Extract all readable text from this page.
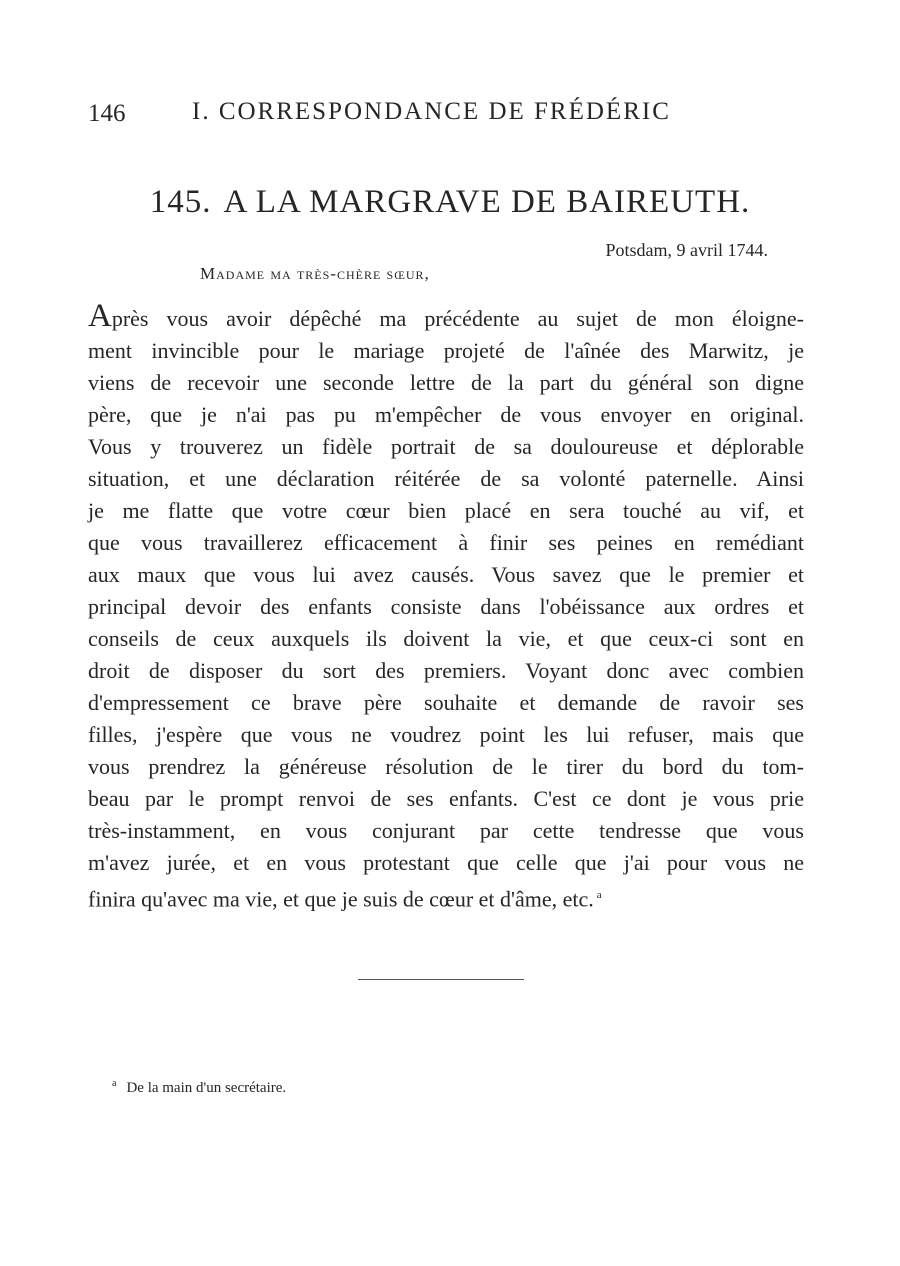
146	I. CORRESPONDANCE DE FRÉDÉRIC
145. A LA MARGRAVE DE BAIREUTH.
Potsdam, 9 avril 1744.
Madame ma très-chère sœur,
Après vous avoir dépêché ma précédente au sujet de mon éloigne-
ment invincible pour le mariage projeté de l'aînée des Marwitz, je
viens de recevoir une seconde lettre de la part du général son digne
père, que je n'ai pas pu m'empêcher de vous envoyer en original.
Vous y trouverez un fidèle portrait de sa douloureuse et déplorable
situation, et une déclaration réitérée de sa volonté paternelle. Ainsi
je me flatte que votre cœur bien placé en sera touché au vif, et
que vous travaillerez efficacement à finir ses peines en remédiant
aux maux que vous lui avez causés. Vous savez que le premier et
principal devoir des enfants consiste dans l'obéissance aux ordres et
conseils de ceux auxquels ils doivent la vie, et que ceux-ci sont en
droit de disposer du sort des premiers. Voyant donc avec combien
d'empressement ce brave père souhaite et demande de ravoir ses
filles, j'espère que vous ne voudrez point les lui refuser, mais que
vous prendrez la généreuse résolution de le tirer du bord du tom-
beau par le prompt renvoi de ses enfants. C'est ce dont je vous prie
très-instamment, en vous conjurant par cette tendresse que vous
m'avez jurée, et en vous protestant que celle que j'ai pour vous ne
finira qu'avec ma vie, et que je suis de cœur et d'âme, etc. $^a$
$^a$ De la main d'un secrétaire.
